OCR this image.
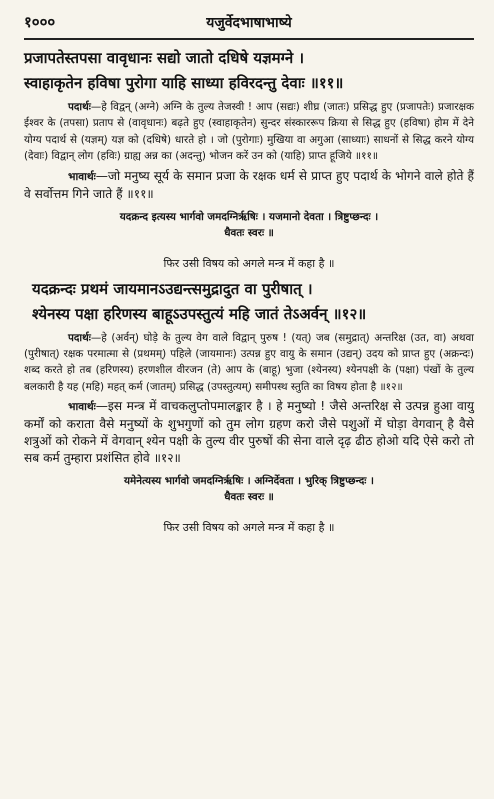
१०००	यजुर्वेदभाषाभाष्ये
प्रजापतेस्तपसा वावृधानः सद्यो जातो दधिषे यज्ञमग्ने ।
स्वाहाकृतेन हविषा पुरोगा याहि साध्या हविरदन्तु देवाः ॥११॥

पदार्थः—हे विद्वन् (अग्ने) अग्नि के तुल्य तेजस्वी ! आप (सद्यः) शीघ्र (जातः) प्रसिद्ध हुए (प्रजापतेः) प्रजारक्षक ईश्वर के (तपसा) प्रताप से (वावृधानः) बढ़ते हुए (स्वाहाकृतेन) सुन्दर संस्काररूप क्रिया से सिद्ध हुए (हविषा) होम में देने योग्य पदार्थ से (यज्ञम्) यज्ञ को (दधिषे) धारते हो । जो (पुरोगाः) मुखिया वा अगुआ (साध्याः) साधनों से सिद्ध करने योग्य (देवाः) विद्वान् लोग (हविः) ग्राह्य अन्न का (अदन्तु) भोजन करें उन को (याहि) प्राप्त हूजिये ॥११॥

भावार्थः—जो मनुष्य सूर्य के समान प्रजा के रक्षक धर्म से प्राप्त हुए पदार्थ के भोगने वाले होते हैं वे सर्वोत्तम गिने जाते हैं ॥११॥

यदक्रन्द इत्यस्य भार्गवो जमदग्निर्ऋषिः । यजमानो देवता । त्रिष्टुप्छन्दः ।
धैवतः स्वरः ॥
फिर उसी विषय को अगले मन्त्र में कहा है ॥
यदक्रन्दः प्रथमं जायमानऽउद्यन्त्समुद्रादुत वा पुरीषात् ।
श्येनस्य पक्षा हरिणस्य बाहूऽउपस्तुत्यं महि जातं तेऽअर्वन् ॥१२॥

पदार्थः—हे (अर्वन्) घोड़े के तुल्य वेग वाले विद्वान् पुरुष ! (यत्) जब (समुद्रात्) अन्तरिक्ष (उत, वा) अथवा (पुरीषात्) रक्षक परमात्मा से (प्रथमम्) पहिले (जायमानः) उत्पन्न हुए वायु के समान (उद्यन्) उदय को प्राप्त हुए (अक्रन्दः) शब्द करते हो तब (हरिणस्य) हरणशील वीरजन (ते) आप के (बाहू) भुजा (श्येनस्य) श्येनपक्षी के (पक्षा) पंखों के तुल्य बलकारी है यह (महि) महत् कर्म (जातम्) प्रसिद्ध (उपस्तुत्यम्) समीपस्थ स्तुति का विषय होता है ॥१२॥

भावार्थः—इस मन्त्र में वाचकलुप्तोपमालङ्कार है । हे मनुष्यो ! जैसे अन्तरिक्ष से उत्पन्न हुआ वायु कर्मों को कराता वैसे मनुष्यों के शुभगुणों को तुम लोग ग्रहण करो जैसे पशुओं में घोड़ा वेगवान् है वैसे शत्रुओं को रोकने में वेगवान् श्येन पक्षी के तुल्य वीर पुरुषों की सेना वाले दृढ़ ढीठ होओ यदि ऐसे करो तो सब कर्म तुम्हारा प्रशंसित होवे ॥१२॥

यमेनेत्यस्य भार्गवो जमदग्निर्ऋषिः । अग्निर्देवता । भुरिक् त्रिष्टुप्छन्दः ।
धैवतः स्वरः ॥
फिर उसी विषय को अगले मन्त्र में कहा है ॥
